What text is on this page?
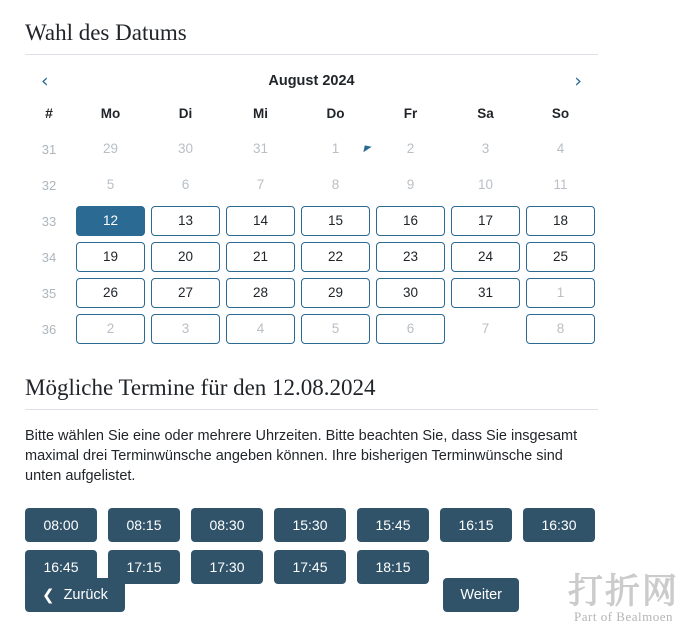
Wahl des Datums
‹	August 2024	›
#	Mo	Di	Mi	Do	Fr	Sa	So
31	29	30	31	1	2	3	4

32	5	6	7	8	9	10	11

33	12	13	14	15	16	17	18

34	19	20	21	22	23	24	25

35	26	27	28	29	30	31	1

36	2	3	4	5	6	7	8
Mögliche Termine für den 12.08.2024

Bitte wählen Sie eine oder mehrere Uhrzeiten. Bitte beachten Sie, dass Sie insgesamt maximal drei Terminwünsche angeben können. Ihre bisherigen Terminwünsche sind unten aufgelistet.

08:00	08:15	08:30	15:30	15:45	16:15	16:30
16:45	17:15	17:30	17:45	18:15
❮ Zurück	Weiter 打折网
Part of Bealmoen
